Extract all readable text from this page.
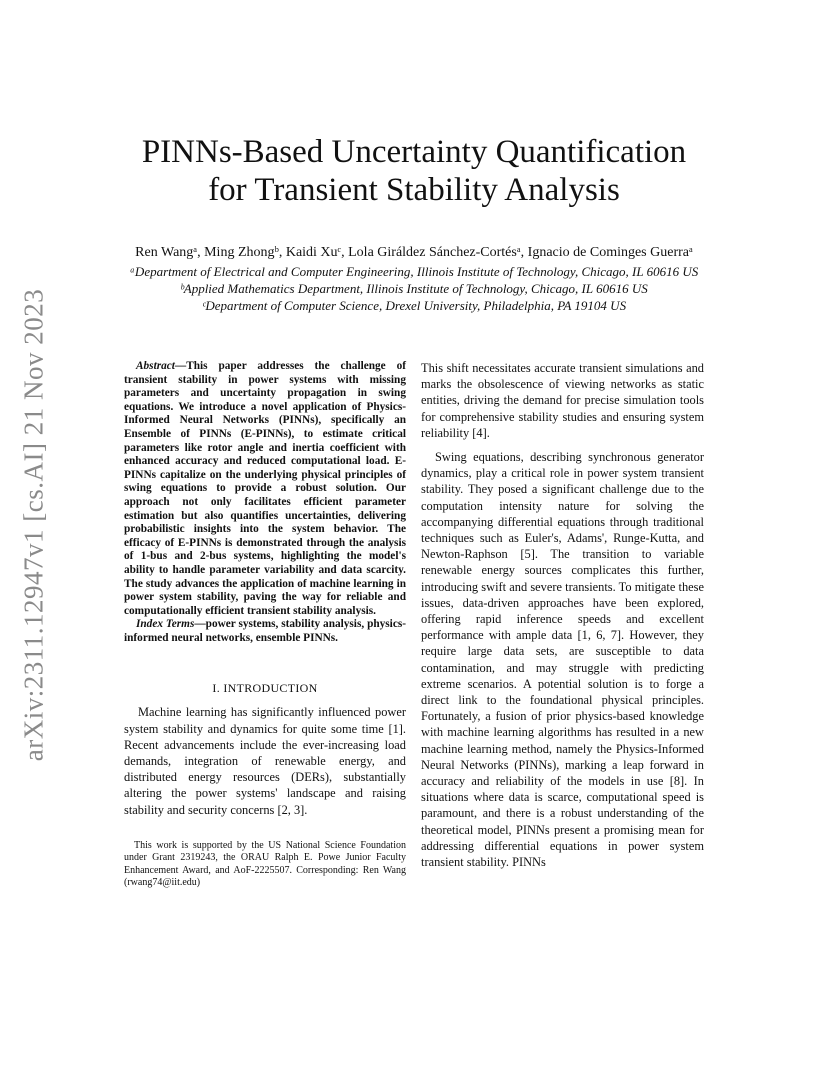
arXiv:2311.12947v1 [cs.AI] 21 Nov 2023
PINNs-Based Uncertainty Quantification
for Transient Stability Analysis
Ren Wangᵃ, Ming Zhongᵇ, Kaidi Xuᶜ, Lola Giráldez Sánchez-Cortésᵃ, Ignacio de Cominges Guerraᵃ
ᵃDepartment of Electrical and Computer Engineering, Illinois Institute of Technology, Chicago, IL 60616 US
ᵇApplied Mathematics Department, Illinois Institute of Technology, Chicago, IL 60616 US
ᶜDepartment of Computer Science, Drexel University, Philadelphia, PA 19104 US

Abstract—This paper addresses the challenge of transient stability in power systems with missing parameters and uncertainty propagation in swing equations. We introduce a novel application of Physics-Informed Neural Networks (PINNs), specifically an Ensemble of PINNs (E-PINNs), to estimate critical parameters like rotor angle and inertia coefficient with enhanced accuracy and reduced computational load. E-PINNs capitalize on the underlying physical principles of swing equations to provide a robust solution. Our approach not only facilitates efficient parameter estimation but also quantifies uncertainties, delivering probabilistic insights into the system behavior. The efficacy of E-PINNs is demonstrated through the analysis of 1-bus and 2-bus systems, highlighting the model's ability to handle parameter variability and data scarcity. The study advances the application of machine learning in power system stability, paving the way for reliable and computationally efficient transient stability analysis.

Index Terms—power systems, stability analysis, physics-informed neural networks, ensemble PINNs.

I. INTRODUCTION

Machine learning has significantly influenced power system stability and dynamics for quite some time [1]. Recent advancements include the ever-increasing load demands, integration of renewable energy, and distributed energy resources (DERs), substantially altering the power systems' landscape and raising stability and security concerns [2, 3].

This work is supported by the US National Science Foundation under Grant 2319243, the ORAU Ralph E. Powe Junior Faculty Enhancement Award, and AoF-2225507. Corresponding: Ren Wang (rwang74@iit.edu)

This shift necessitates accurate transient simulations and marks the obsolescence of viewing networks as static entities, driving the demand for precise simulation tools for comprehensive stability studies and ensuring system reliability [4].

Swing equations, describing synchronous generator dynamics, play a critical role in power system transient stability. They posed a significant challenge due to the computation intensity nature for solving the accompanying differential equations through traditional techniques such as Euler's, Adams', Runge-Kutta, and Newton-Raphson [5]. The transition to variable renewable energy sources complicates this further, introducing swift and severe transients. To mitigate these issues, data-driven approaches have been explored, offering rapid inference speeds and excellent performance with ample data [1, 6, 7]. However, they require large data sets, are susceptible to data contamination, and may struggle with predicting extreme scenarios. A potential solution is to forge a direct link to the foundational physical principles. Fortunately, a fusion of prior physics-based knowledge with machine learning algorithms has resulted in a new machine learning method, namely the Physics-Informed Neural Networks (PINNs), marking a leap forward in accuracy and reliability of the models in use [8]. In situations where data is scarce, computational speed is paramount, and there is a robust understanding of the theoretical model, PINNs present a promising mean for addressing differential equations in power system transient stability. PINNs
